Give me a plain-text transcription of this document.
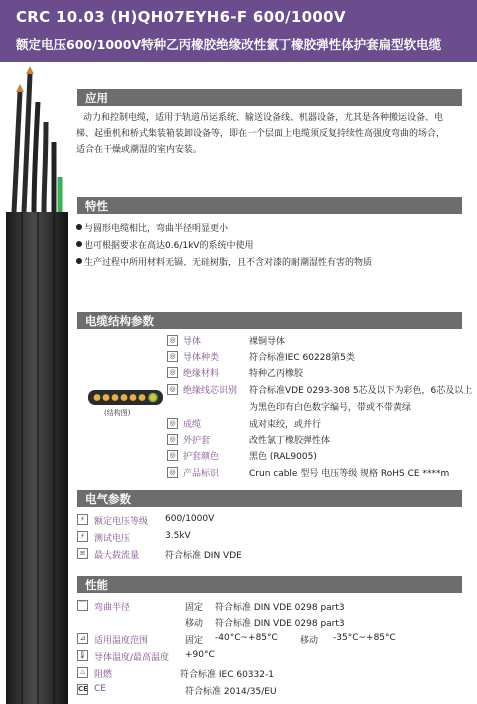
CRC 10.03 (H)QH07EYH6-F 600/1000V
额定电压600/1000V特种乙丙橡胶绝缘改性氯丁橡胶弹性体护套扁型软电缆
应用
动力和控制电缆，适用于轨道吊运系统、输送设备线、机器设备，尤其是各种搬运设备、电
梯、起重机和桥式集装箱装卸设备等，即在一个层面上电缆须反复持续性高强度弯曲的场合，
适合在干燥或潮湿的室内安装。
特性
与圆形电缆相比，弯曲半径明显更小
也可根据要求在高达0.6/1kV的系统中使用
生产过程中所用材料无镉、无硅树脂，且不含对漆的耐潮湿性有害的物质
电缆结构参数
(结构图)
◎ 导体	裸铜导体
◎ 导体种类	符合标准IEC 60228第5类
◎ 绝缘材料	特种乙丙橡胶
◎ 绝缘线芯识别 符合标准VDE 0293-308 5芯及以下为彩色，6芯及以上
为黑色印有白色数字编号，带或不带黄绿
◎ 成缆	成对束绞，或并行
◎ 外护套	改性氯丁橡胶弹性体
◎ 护套颜色	黑色 (RAL9005)
◎ 产品标识	Crun cable 型号 电压等级 规格 RoHS CE ****m
电气参数
⚡	额定电压等级 600/1000V
⚡	测试电压	3.5kV
≡ 最大载流量	符合标准 DIN VDE
性能
⌒ 弯曲半径	固定 符合标准 DIN VDE 0298 part3
移动 符合标准 DIN VDE 0298 part3
⊿ 适用温度范围	固定 -40°C~+85°C 移动 -35°C~+85°C
🌡 导体温度/最高温度 +90°C
♨ 阻燃	符合标准 IEC 60332-1
CE CE	符合标准 2014/35/EU
